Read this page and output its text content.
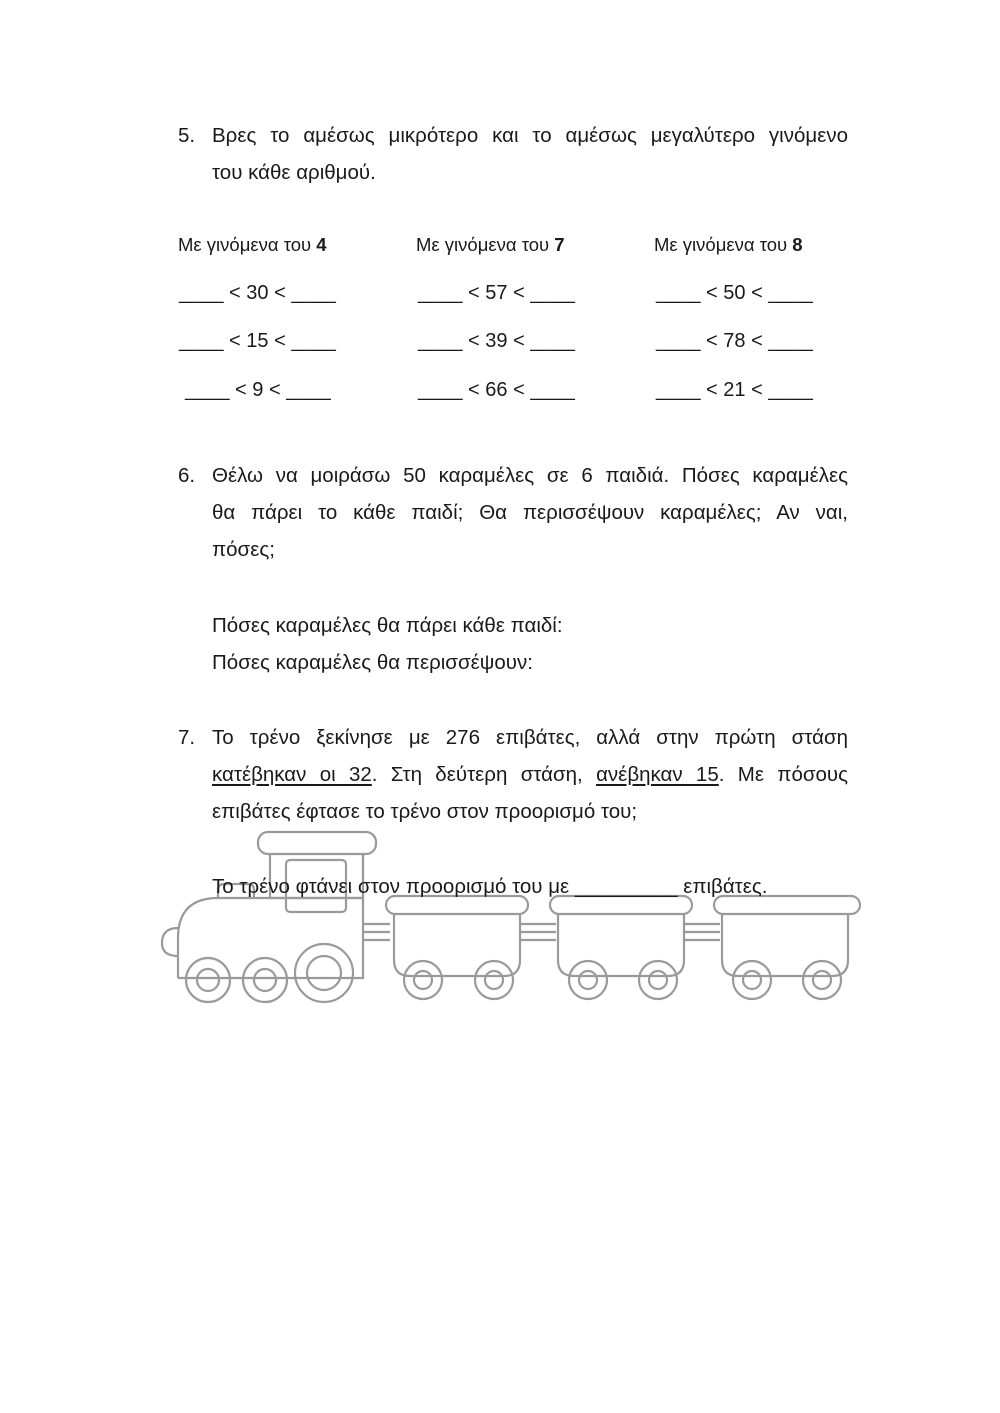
5. Βρες το αμέσως μικρότερο και το αμέσως μεγαλύτερο γινόμενο
του κάθε αριθμού.
Με γινόμενα του 4	Με γινόμενα του 7	Με γινόμενα του 8
____ < 30 < ____
____ < 15 < ____
____ < 9 < ____
____ < 57 < ____
____ < 39 < ____
____ < 66 < ____
____ < 50 < ____
____ < 78 < ____
____ < 21 < ____
6. Θέλω να μοιράσω 50 καραμέλες σε 6 παιδιά. Πόσες καραμέλες
θα πάρει το κάθε παιδί; Θα περισσέψουν καραμέλες; Αν ναι,
πόσες;
Πόσες καραμέλες θα πάρει κάθε παιδί:
Πόσες καραμέλες θα περισσέψουν:
7. Το τρένο ξεκίνησε με 276 επιβάτες, αλλά στην πρώτη στάση
κατέβηκαν οι 32. Στη δεύτερη στάση, ανέβηκαν 15. Με πόσους
επιβάτες έφτασε το τρένο στον προορισμό του;
Το τρένο φτάνει στον προορισμό του με _________ επιβάτες.
